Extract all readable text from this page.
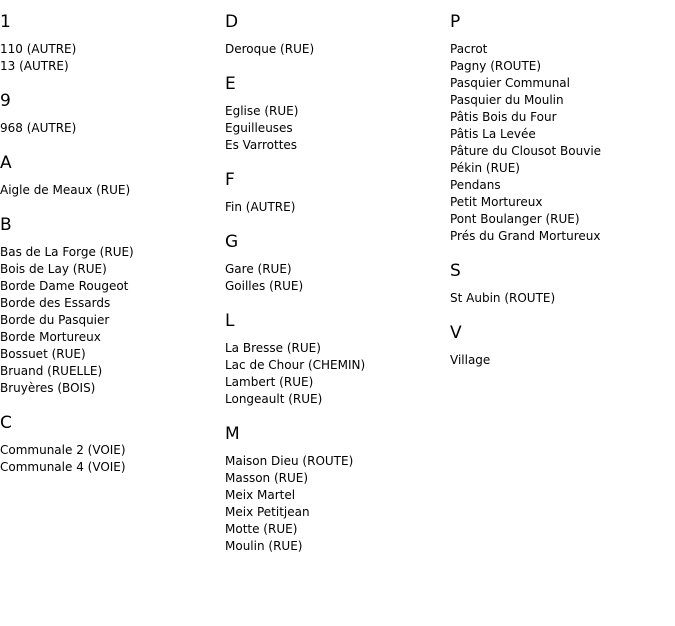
1
110 (AUTRE)
13 (AUTRE)
9
968 (AUTRE)
A
Aigle de Meaux (RUE)
B
Bas de La Forge (RUE)
Bois de Lay (RUE)
Borde Dame Rougeot
Borde des Essards
Borde du Pasquier
Borde Mortureux
Bossuet (RUE)
Bruand (RUELLE)
Bruyères (BOIS)
C
Communale 2 (VOIE)
Communale 4 (VOIE)
D
Deroque (RUE)
E
Eglise (RUE)
Eguilleuses
Es Varrottes
F
Fin (AUTRE)
G
Gare (RUE)
Goilles (RUE)
L
La Bresse (RUE)
Lac de Chour (CHEMIN)
Lambert (RUE)
Longeault (RUE)
M
Maison Dieu (ROUTE)
Masson (RUE)
Meix Martel
Meix Petitjean
Motte (RUE)
Moulin (RUE)
P
Pacrot
Pagny (ROUTE)
Pasquier Communal
Pasquier du Moulin
Pâtis Bois du Four
Pâtis La Levée
Pâture du Clousot Bouvie
Pékin (RUE)
Pendans
Petit Mortureux
Pont Boulanger (RUE)
Prés du Grand Mortureux
S
St Aubin (ROUTE)
V
Village
